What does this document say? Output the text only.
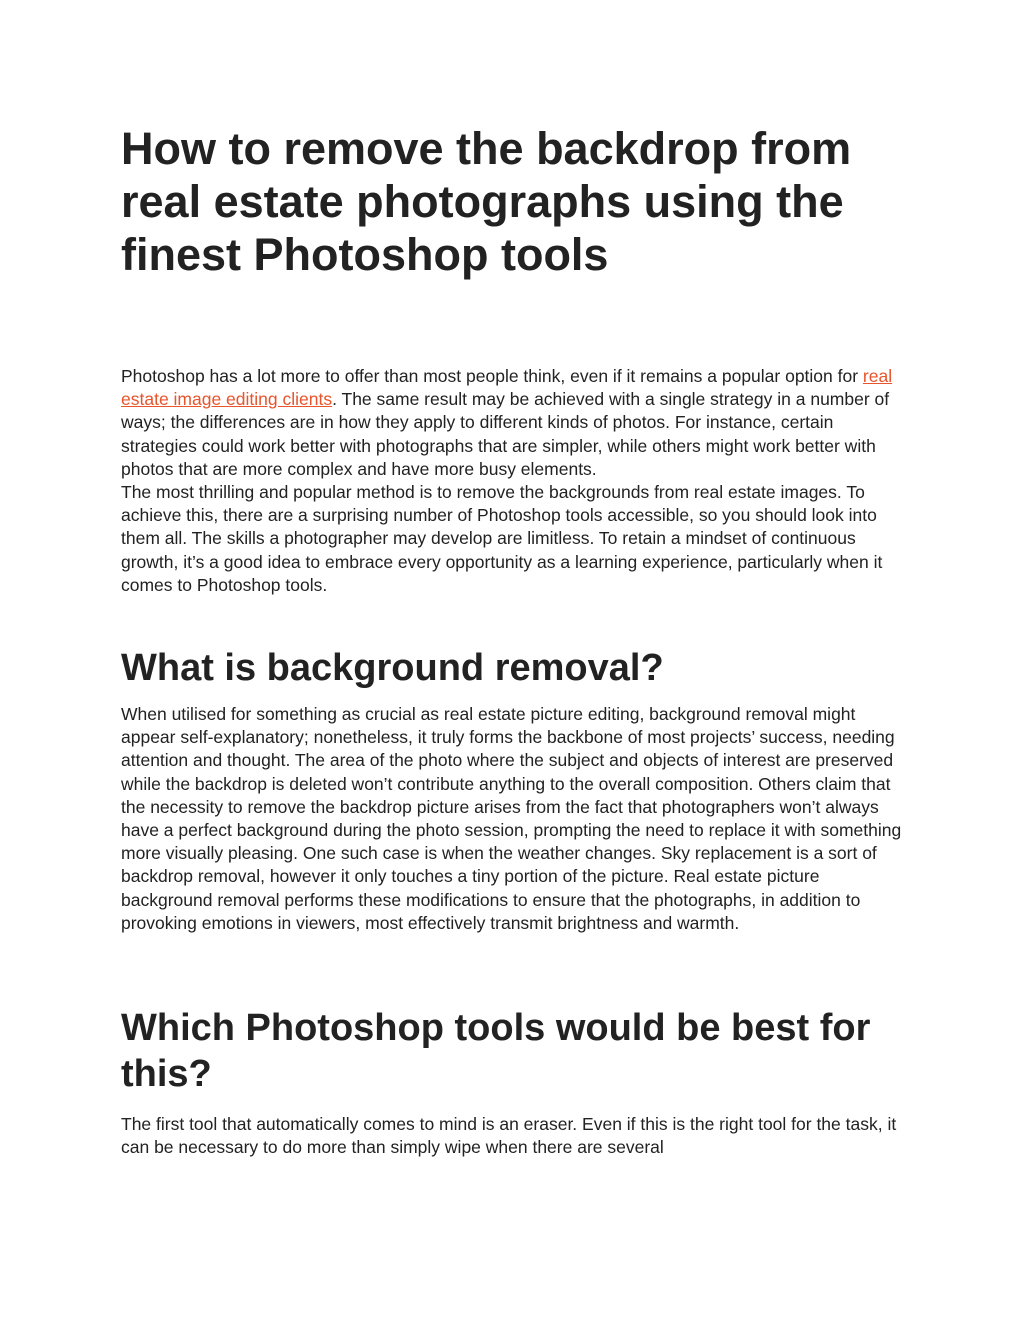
How to remove the backdrop from real estate photographs using the finest Photoshop tools

Photoshop has a lot more to offer than most people think, even if it remains a popular option for real estate image editing clients. The same result may be achieved with a single strategy in a number of ways; the differences are in how they apply to different kinds of photos. For instance, certain strategies could work better with photographs that are simpler, while others might work better with photos that are more complex and have more busy elements.

The most thrilling and popular method is to remove the backgrounds from real estate images. To achieve this, there are a surprising number of Photoshop tools accessible, so you should look into them all. The skills a photographer may develop are limitless. To retain a mindset of continuous growth, it’s a good idea to embrace every opportunity as a learning experience, particularly when it comes to Photoshop tools.

What is background removal?

When utilised for something as crucial as real estate picture editing, background removal might appear self-explanatory; nonetheless, it truly forms the backbone of most projects’ success, needing attention and thought. The area of the photo where the subject and objects of interest are preserved while the backdrop is deleted won’t contribute anything to the overall composition. Others claim that the necessity to remove the backdrop picture arises from the fact that photographers won’t always have a perfect background during the photo session, prompting the need to replace it with something more visually pleasing. One such case is when the weather changes. Sky replacement is a sort of backdrop removal, however it only touches a tiny portion of the picture. Real estate picture background removal performs these modifications to ensure that the photographs, in addition to provoking emotions in viewers, most effectively transmit brightness and warmth.

Which Photoshop tools would be best for this?

The first tool that automatically comes to mind is an eraser. Even if this is the right tool for the task, it can be necessary to do more than simply wipe when there are several
